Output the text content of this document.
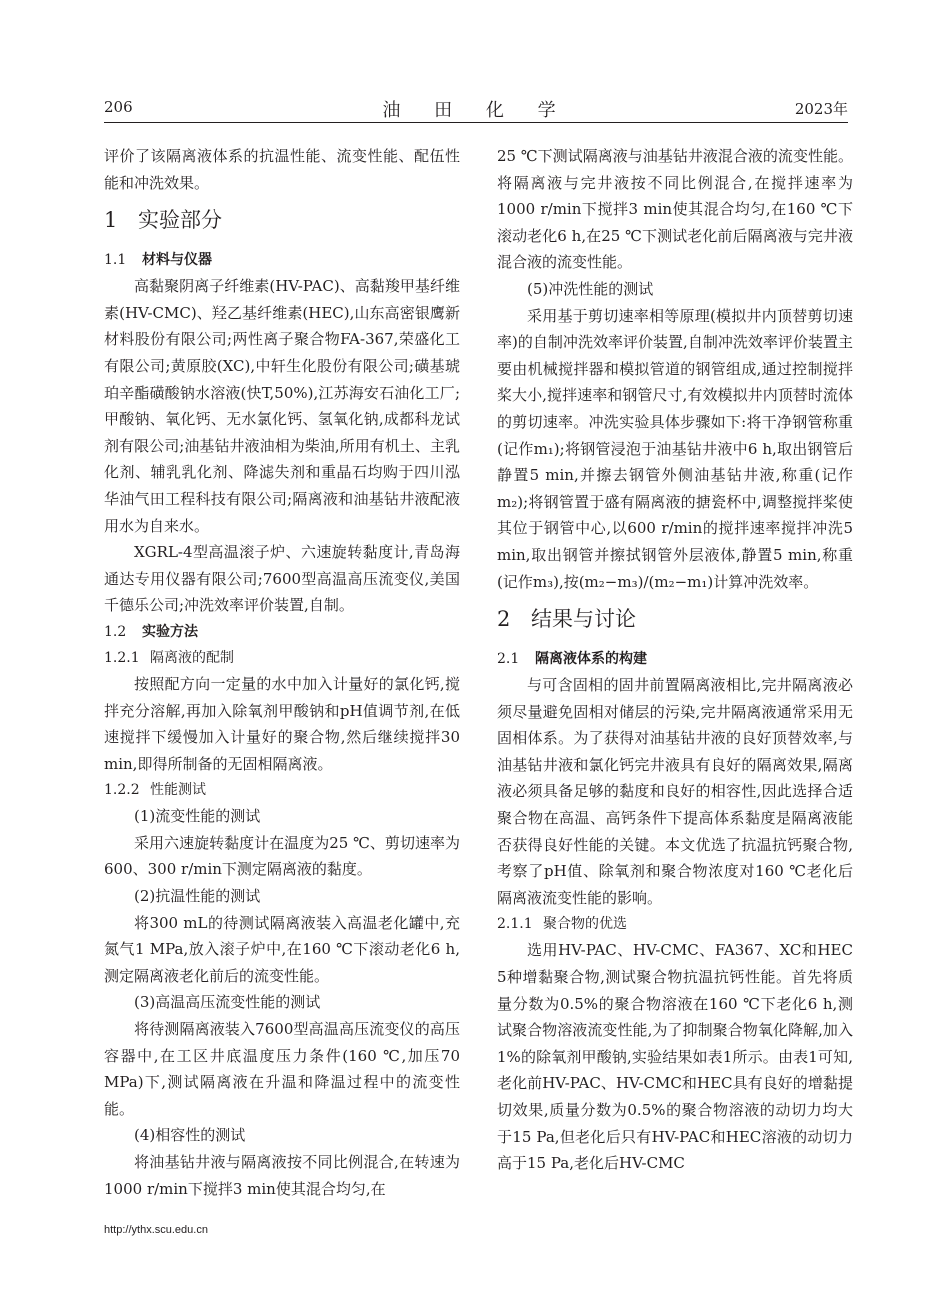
206	油 田 化 学	2023年

评价了该隔离液体系的抗温性能、流变性能、配伍性能和冲洗效果。

1 实验部分
1.1 材料与仪器

高黏聚阴离子纤维素(HV-PAC)、高黏羧甲基纤维素(HV-CMC)、羟乙基纤维素(HEC),山东高密银鹰新材料股份有限公司;两性离子聚合物FA-367,荣盛化工有限公司;黄原胶(XC),中轩生化股份有限公司;磺基琥珀辛酯磺酸钠水溶液(快T,50%),江苏海安石油化工厂;甲酸钠、氧化钙、无水氯化钙、氢氧化钠,成都科龙试剂有限公司;油基钻井液油相为柴油,所用有机土、主乳化剂、辅乳乳化剂、降滤失剂和重晶石均购于四川泓华油气田工程科技有限公司;隔离液和油基钻井液配液用水为自来水。

XGRL-4型高温滚子炉、六速旋转黏度计,青岛海通达专用仪器有限公司;7600型高温高压流变仪,美国千德乐公司;冲洗效率评价装置,自制。

1.2 实验方法
1.2.1 隔离液的配制

按照配方向一定量的水中加入计量好的氯化钙,搅拌充分溶解,再加入除氧剂甲酸钠和pH值调节剂,在低速搅拌下缓慢加入计量好的聚合物,然后继续搅拌30 min,即得所制备的无固相隔离液。

1.2.2 性能测试

(1)流变性能的测试

采用六速旋转黏度计在温度为25 ℃、剪切速率为600、300 r/min下测定隔离液的黏度。

(2)抗温性能的测试

将300 mL的待测试隔离液装入高温老化罐中,充氮气1 MPa,放入滚子炉中,在160 ℃下滚动老化6 h,测定隔离液老化前后的流变性能。

(3)高温高压流变性能的测试

将待测隔离液装入7600型高温高压流变仪的高压容器中,在工区井底温度压力条件(160 ℃,加压70 MPa)下,测试隔离液在升温和降温过程中的流变性能。

(4)相容性的测试

将油基钻井液与隔离液按不同比例混合,在转速为1000 r/min下搅拌3 min使其混合均匀,在

25 ℃下测试隔离液与油基钻井液混合液的流变性能。将隔离液与完井液按不同比例混合,在搅拌速率为1000 r/min下搅拌3 min使其混合均匀,在160 ℃下滚动老化6 h,在25 ℃下测试老化前后隔离液与完井液混合液的流变性能。

(5)冲洗性能的测试

采用基于剪切速率相等原理(模拟井内顶替剪切速率)的自制冲洗效率评价装置,自制冲洗效率评价装置主要由机械搅拌器和模拟管道的钢管组成,通过控制搅拌桨大小,搅拌速率和钢管尺寸,有效模拟井内顶替时流体的剪切速率。冲洗实验具体步骤如下:将干净钢管称重(记作m₁);将钢管浸泡于油基钻井液中6 h,取出钢管后静置5 min,并擦去钢管外侧油基钻井液,称重(记作m₂);将钢管置于盛有隔离液的搪瓷杯中,调整搅拌桨使其位于钢管中心,以600 r/min的搅拌速率搅拌冲洗5 min,取出钢管并擦拭钢管外层液体,静置5 min,称重(记作m₃),按(m₂−m₃)/(m₂−m₁)计算冲洗效率。

2 结果与讨论
2.1 隔离液体系的构建

与可含固相的固井前置隔离液相比,完井隔离液必须尽量避免固相对储层的污染,完井隔离液通常采用无固相体系。为了获得对油基钻井液的良好顶替效率,与油基钻井液和氯化钙完井液具有良好的隔离效果,隔离液必须具备足够的黏度和良好的相容性,因此选择合适聚合物在高温、高钙条件下提高体系黏度是隔离液能否获得良好性能的关键。本文优选了抗温抗钙聚合物,考察了pH值、除氧剂和聚合物浓度对160 ℃老化后隔离液流变性能的影响。

2.1.1 聚合物的优选

选用HV-PAC、HV-CMC、FA367、XC和HEC 5种增黏聚合物,测试聚合物抗温抗钙性能。首先将质量分数为0.5%的聚合物溶液在160 ℃下老化6 h,测试聚合物溶液流变性能,为了抑制聚合物氧化降解,加入1%的除氧剂甲酸钠,实验结果如表1所示。由表1可知,老化前HV-PAC、HV-CMC和HEC具有良好的增黏提切效果,质量分数为0.5%的聚合物溶液的动切力均大于15 Pa,但老化后只有HV-PAC和HEC溶液的动切力高于15 Pa,老化后HV-CMC

http://ythx.scu.edu.cn
